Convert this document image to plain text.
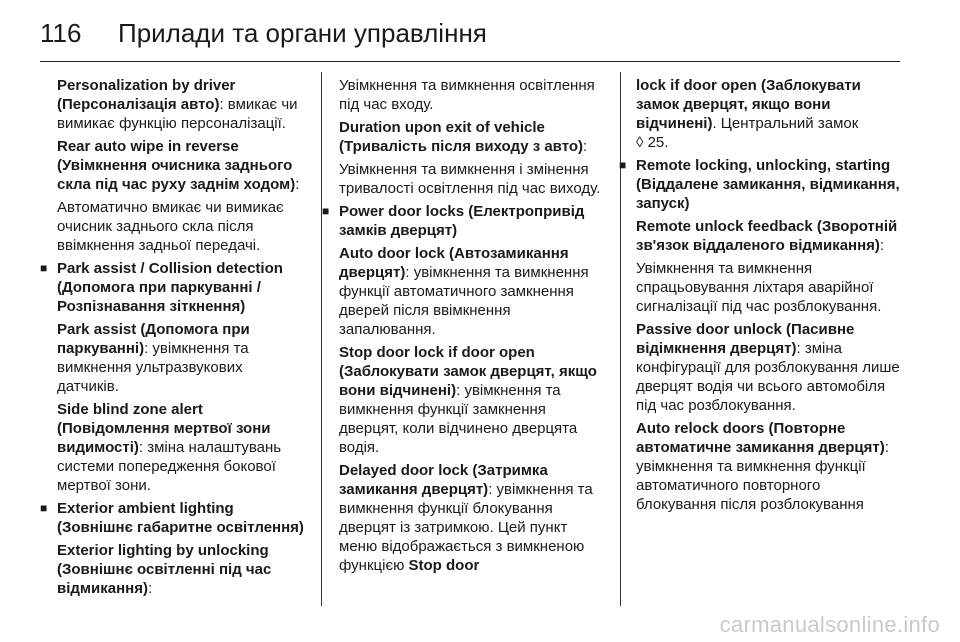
116 Прилади та органи управління

Personalization by driver (Персоналізація авто): вмикає чи вимикає функцію персоналізації.

Rear auto wipe in reverse (Увімкнення очисника заднього скла під час руху заднім ходом):

Автоматично вмикає чи вимикає очисник заднього скла після ввімкнення задньої передачі.

■ Park assist / Collision detection (Допомога при паркуванні / Розпізнавання зіткнення)

Park assist (Допомога при паркуванні): увімкнення та вимкнення ультразвукових датчиків.

Side blind zone alert (Повідомлення мертвої зони видимості): зміна налаштувань системи попередження бокової мертвої зони.

■ Exterior ambient lighting (Зовнішнє габаритне освітлення)

Exterior lighting by unlocking (Зовнішнє освітленні під час відмикання):

Увімкнення та вимкнення освітлення під час входу.

Duration upon exit of vehicle (Тривалість після виходу з авто):

Увімкнення та вимкнення і змінення тривалості освітлення під час виходу.

■ Power door locks (Електропривід замків дверцят)

Auto door lock (Автозамикання дверцят): увімкнення та вимкнення функції автоматичного замкнення дверей після ввімкнення запалювання.

Stop door lock if door open (Заблокувати замок дверцят, якщо вони відчинені): увімкнення та вимкнення функції замкнення дверцят, коли відчинено дверцята водія.

Delayed door lock (Затримка замикання дверцят): увімкнення та вимкнення функції блокування дверцят із затримкою. Цей пункт меню відображається з вимкненою функцією Stop door

lock if door open (Заблокувати замок дверцят, якщо вони відчинені). Центральний замок
◊ 25.

■ Remote locking, unlocking, starting (Віддалене замикання, відмикання, запуск)

Remote unlock feedback (Зворотній зв'язок віддаленого відмикання):

Увімкнення та вимкнення спрацьовування ліхтаря аварійної сигналізації під час розблокування.

Passive door unlock (Пасивне відімкнення дверцят): зміна конфігурації для розблокування лише дверцят водія чи всього автомобіля під час розблокування.

Auto relock doors (Повторне автоматичне замикання дверцят): увімкнення та вимкнення функції автоматичного повторного блокування після розблокування

carmanualsonline.info
